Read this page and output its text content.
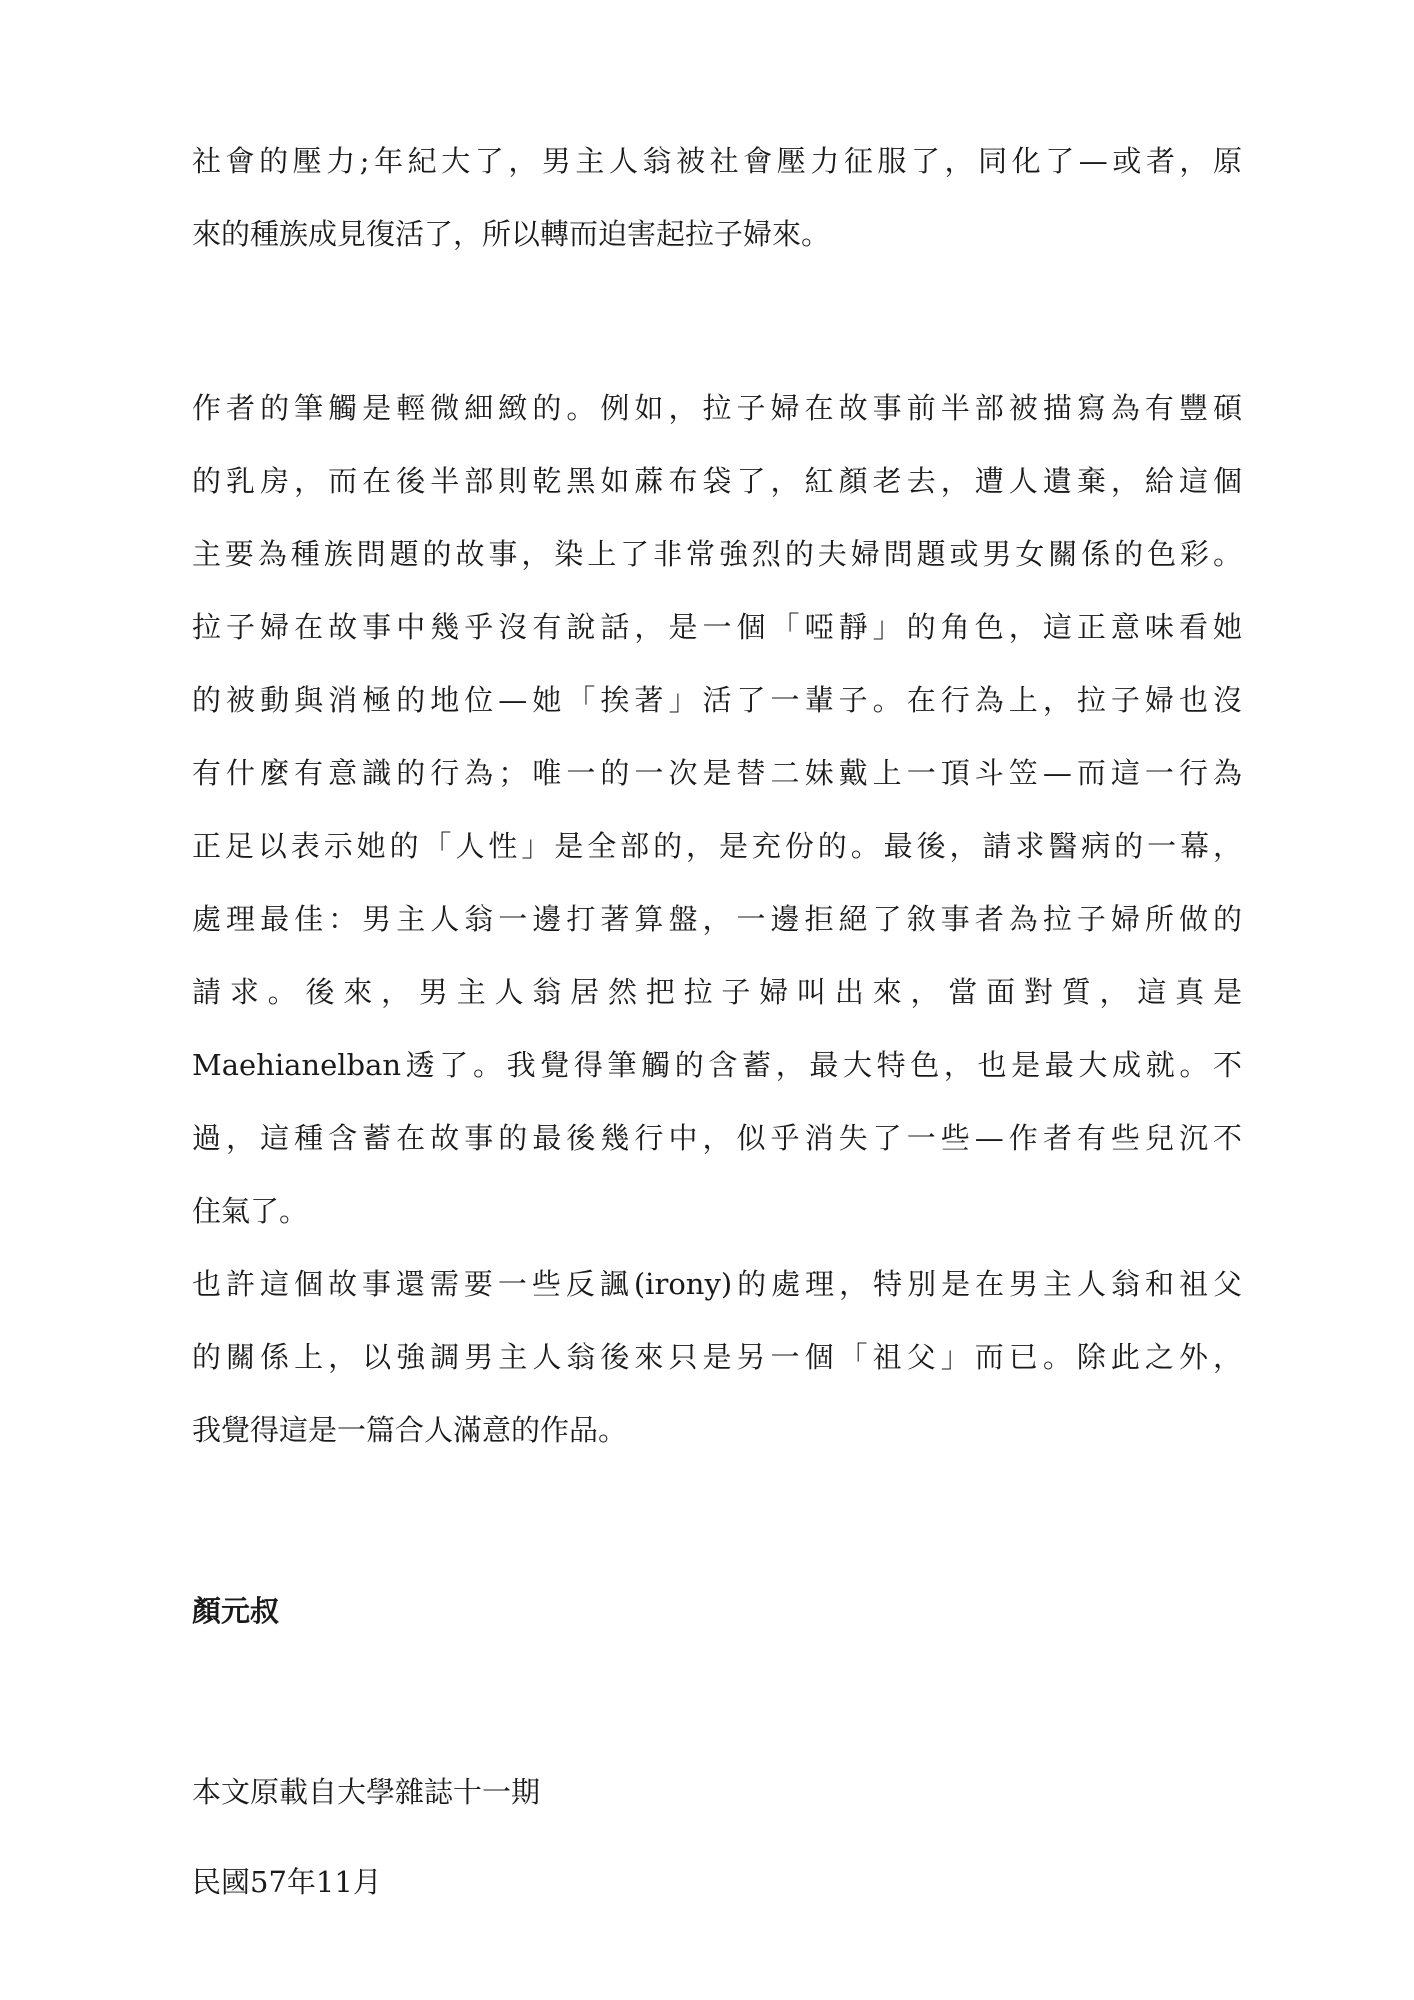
社會的壓力;年紀大了，男主人翁被社會壓力征服了，同化了—或者，原
來的種族成見復活了，所以轉而迫害起拉子婦來。
作者的筆觸是輕微細緻的。例如，拉子婦在故事前半部被描寫為有豐碩
的乳房，而在後半部則乾黑如蔴布袋了，紅顏老去，遭人遺棄，給這個
主要為種族問題的故事，染上了非常強烈的夫婦問題或男女關係的色彩。
拉子婦在故事中幾乎沒有說話，是一個「啞靜」的角色，這正意味看她
的被動與消極的地位—她「挨著」活了一輩子。在行為上，拉子婦也沒
有什麼有意識的行為；唯一的一次是替二妹戴上一頂斗笠—而這一行為
正足以表示她的「人性」是全部的，是充份的。最後，請求醫病的一幕，
處理最佳：男主人翁一邊打著算盤，一邊拒絕了敘事者為拉子婦所做的
請求。後來，男主人翁居然把拉子婦叫出來，當面對質，這真是
Maehianelban透了。我覺得筆觸的含蓄，最大特色，也是最大成就。不
過，這種含蓄在故事的最後幾行中，似乎消失了一些—作者有些兒沉不
住氣了。
也許這個故事還需要一些反諷(irony)的處理，特別是在男主人翁和祖父
的關係上，以強調男主人翁後來只是另一個「祖父」而已。除此之外，
我覺得這是一篇合人滿意的作品。
顏元叔
本文原載自大學雜誌十一期
民國57年11月
